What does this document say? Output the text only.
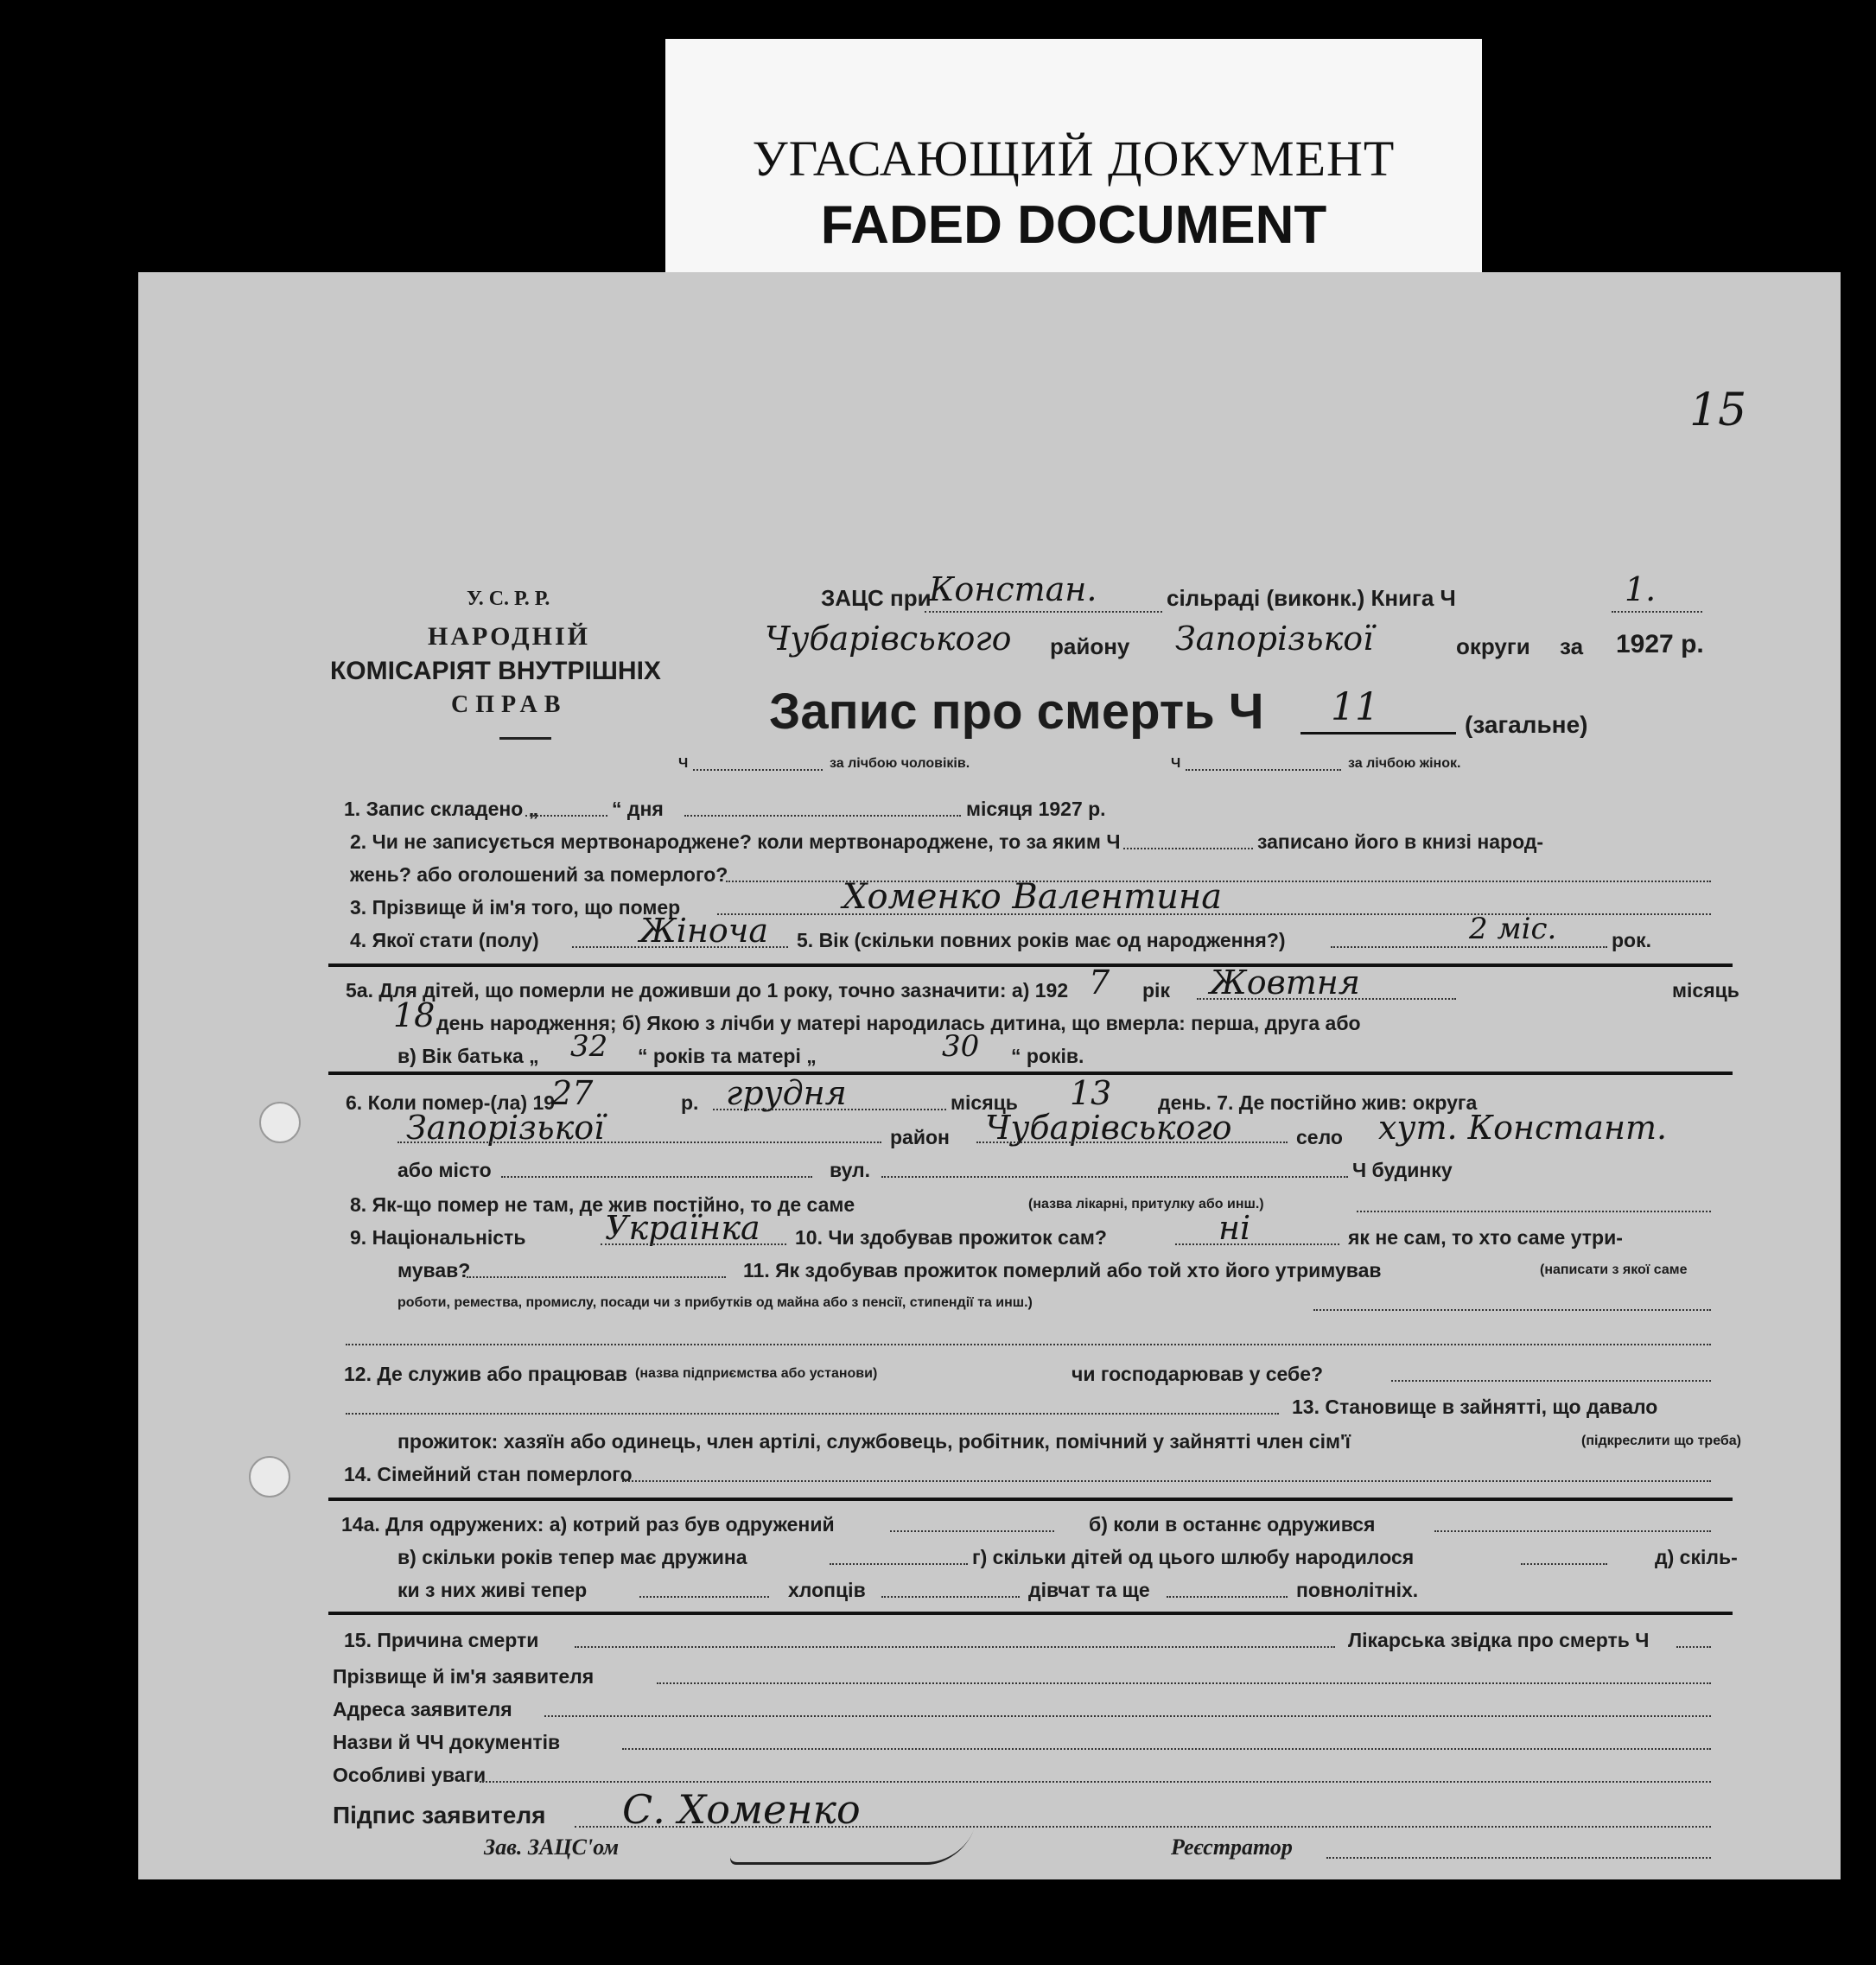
УГАСАЮЩИЙ ДОКУМЕНТ
FADED DOCUMENT
15
У. С. Р. Р.
НАРОДНІЙ
КОМІСАРІЯТ ВНУТРІШНІХ
СПРАВ
ЗАЦС при
Констан.	сільраді (виконк.) Книга Ч	1.
Чубарівського району Запорізької	округи за 1927 р.
Запис про смерть Ч 11	(загальне)
Ч	за лічбою чоловіків.	Ч	за лічбою жінок.
1. Запис складено „	“ дня	місяця 1927 р.
2. Чи не записується мертвонароджене? коли мертвонароджене, то за яким Ч	записано його в книзі народ-
жень? або оголошений за померлого?
3. Прізвище й ім'я того, що помер	Хоменко Валентина
4. Якої стати (полу)	Жіноча 5. Вік (скільки повних років має од народження?)	2 міс.	рок.
5а. Для дітей, що померли не доживши до 1 року, точно зазначити: а) 192 7 рік Жовтня	місяць
18 день народження; б) Якою з лічби у матері народилась дитина, що вмерла: перша, друга або
в) Вік батька „ 32 “ років та матері „	30 “ років.
6. Коли помер-(ла) 19
27	р. грудня	місяць 13 день. 7. Де постійно жив: округа
Запорізької	район Чубарівського	село хут. Констант.
або місто	вул.	Ч будинку
8. Як-що помер не там, де жив постійно, то де саме	(назва лікарні, притулку або инш.)
9. Національність Українка 10. Чи здобував прожиток сам?	ні	як не сам, то хто саме утри-
мував?	11. Як здобував прожиток померлий або той хто його утримував	(написати з якої саме
роботи, ремества, промислу, посади чи з прибутків од майна або з пенсії, стипендії та инш.)
12. Де служив або працював (назва підприємства або установи)	чи господарював у себе?
13. Становище в зайнятті, що давало
прожиток: хазяїн або одинець, член артілі, службовець, робітник, помічний у зайнятті член сім'ї	(підкреслити що треба)
14. Сімейний стан померлого
14а. Для одружених: а) котрий раз був одружений	б) коли в останнє одружився
в) скільки років тепер має дружина	г) скільки дітей од цього шлюбу народилося	д) скіль-
ки з них живі тепер	хлопців	дівчат та ще	повнолітніх.
15. Причина смерти	Лікарська звідка про смерть Ч
Прізвище й ім'я заявителя
Адреса заявителя
Назви й ЧЧ документів
Особливі уваги
Підпис заявителя С. Хоменко
Зав. ЗАЦС'ом	Реєстратор
